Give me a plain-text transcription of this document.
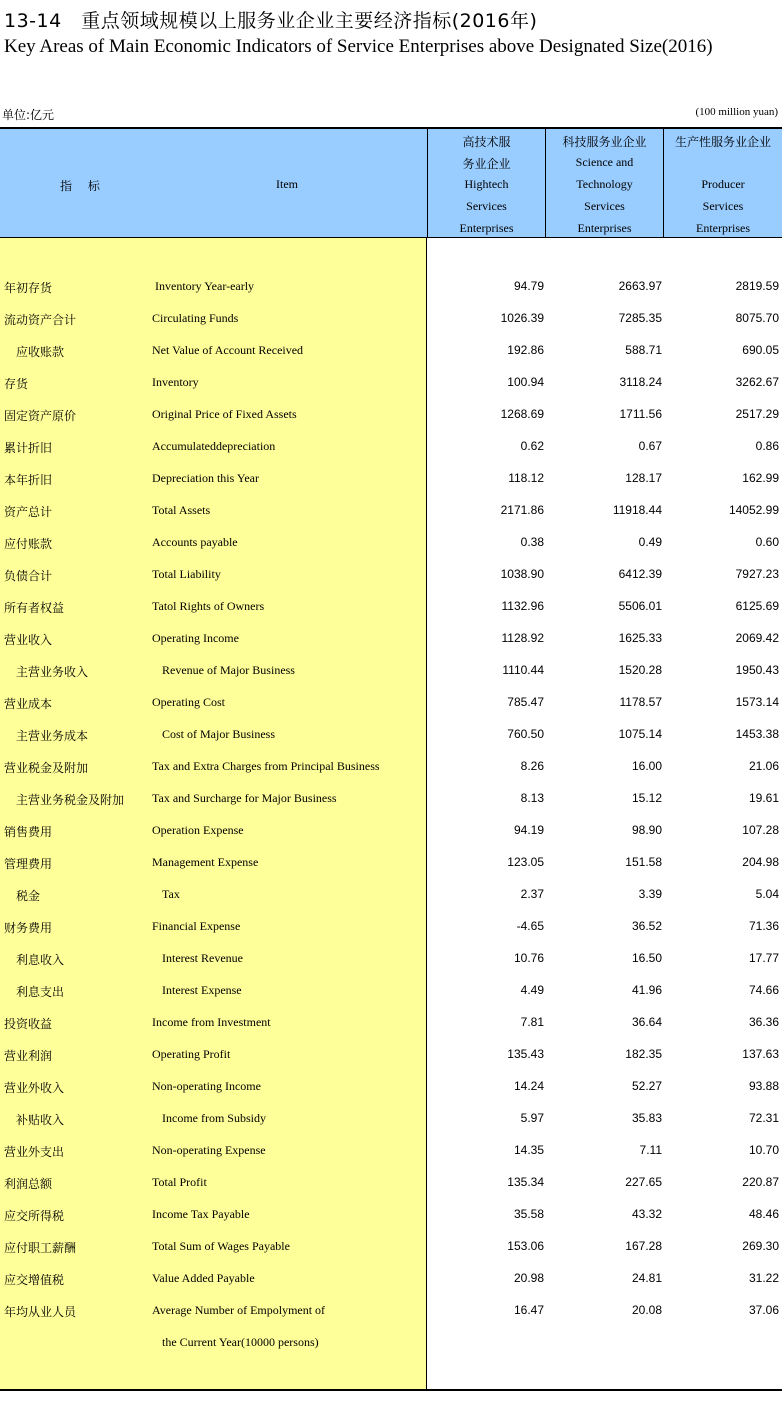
13-14　重点领域规模以上服务业企业主要经济指标(2016年)
Key Areas of Main Economic Indicators of Service Enterprises above Designated Size(2016)
单位:亿元	(100 million yuan)
指 标	Item
高技术服
务业企业
Hightech
Services
Enterprises
科技服务业企业
Science and
Technology
Services
Enterprises
生产性服务业企业
Producer
Services
Enterprises
年初存货	Inventory Year-early	94.79	2663.97	2819.59
流动资产合计	Circulating Funds	1026.39	7285.35	8075.70
应收账款	Net Value of Account Received	192.86	588.71	690.05
存货	Inventory	100.94	3118.24	3262.67
固定资产原价	Original Price of Fixed Assets	1268.69	1711.56	2517.29
累计折旧	Accumulateddepreciation	0.62	0.67	0.86
本年折旧	Depreciation this Year	118.12	128.17	162.99
资产总计	Total Assets	2171.86	11918.44	14052.99
应付账款	Accounts payable	0.38	0.49	0.60
负债合计	Total Liability	1038.90	6412.39	7927.23
所有者权益	Tatol Rights of Owners	1132.96	5506.01	6125.69
营业收入	Operating Income	1128.92	1625.33	2069.42
主营业务收入	Revenue of Major Business	1110.44	1520.28	1950.43
营业成本	Operating Cost	785.47	1178.57	1573.14
主营业务成本	Cost of Major Business	760.50	1075.14	1453.38
营业税金及附加	Tax and Extra Charges from Principal Business	8.26	16.00	21.06
主营业务税金及附加 Tax and Surcharge for Major Business	8.13	15.12	19.61
销售费用	Operation Expense	94.19	98.90	107.28
管理费用	Management Expense	123.05	151.58	204.98
税金	Tax	2.37	3.39	5.04
财务费用	Financial Expense	-4.65	36.52	71.36
利息收入	Interest Revenue	10.76	16.50	17.77
利息支出	Interest Expense	4.49	41.96	74.66
投资收益	Income from Investment	7.81	36.64	36.36
营业利润	Operating Profit	135.43	182.35	137.63
营业外收入	Non-operating Income	14.24	52.27	93.88
补贴收入	Income from Subsidy	5.97	35.83	72.31
营业外支出	Non-operating Expense	14.35	7.11	10.70
利润总额	Total Profit	135.34	227.65	220.87
应交所得税	Income Tax Payable	35.58	43.32	48.46
应付职工薪酬	Total Sum of Wages Payable	153.06	167.28	269.30
应交增值税	Value Added Payable	20.98	24.81	31.22
年均从业人员	Average Number of Empolyment of	16.47	20.08	37.06
the Current Year(10000 persons)
